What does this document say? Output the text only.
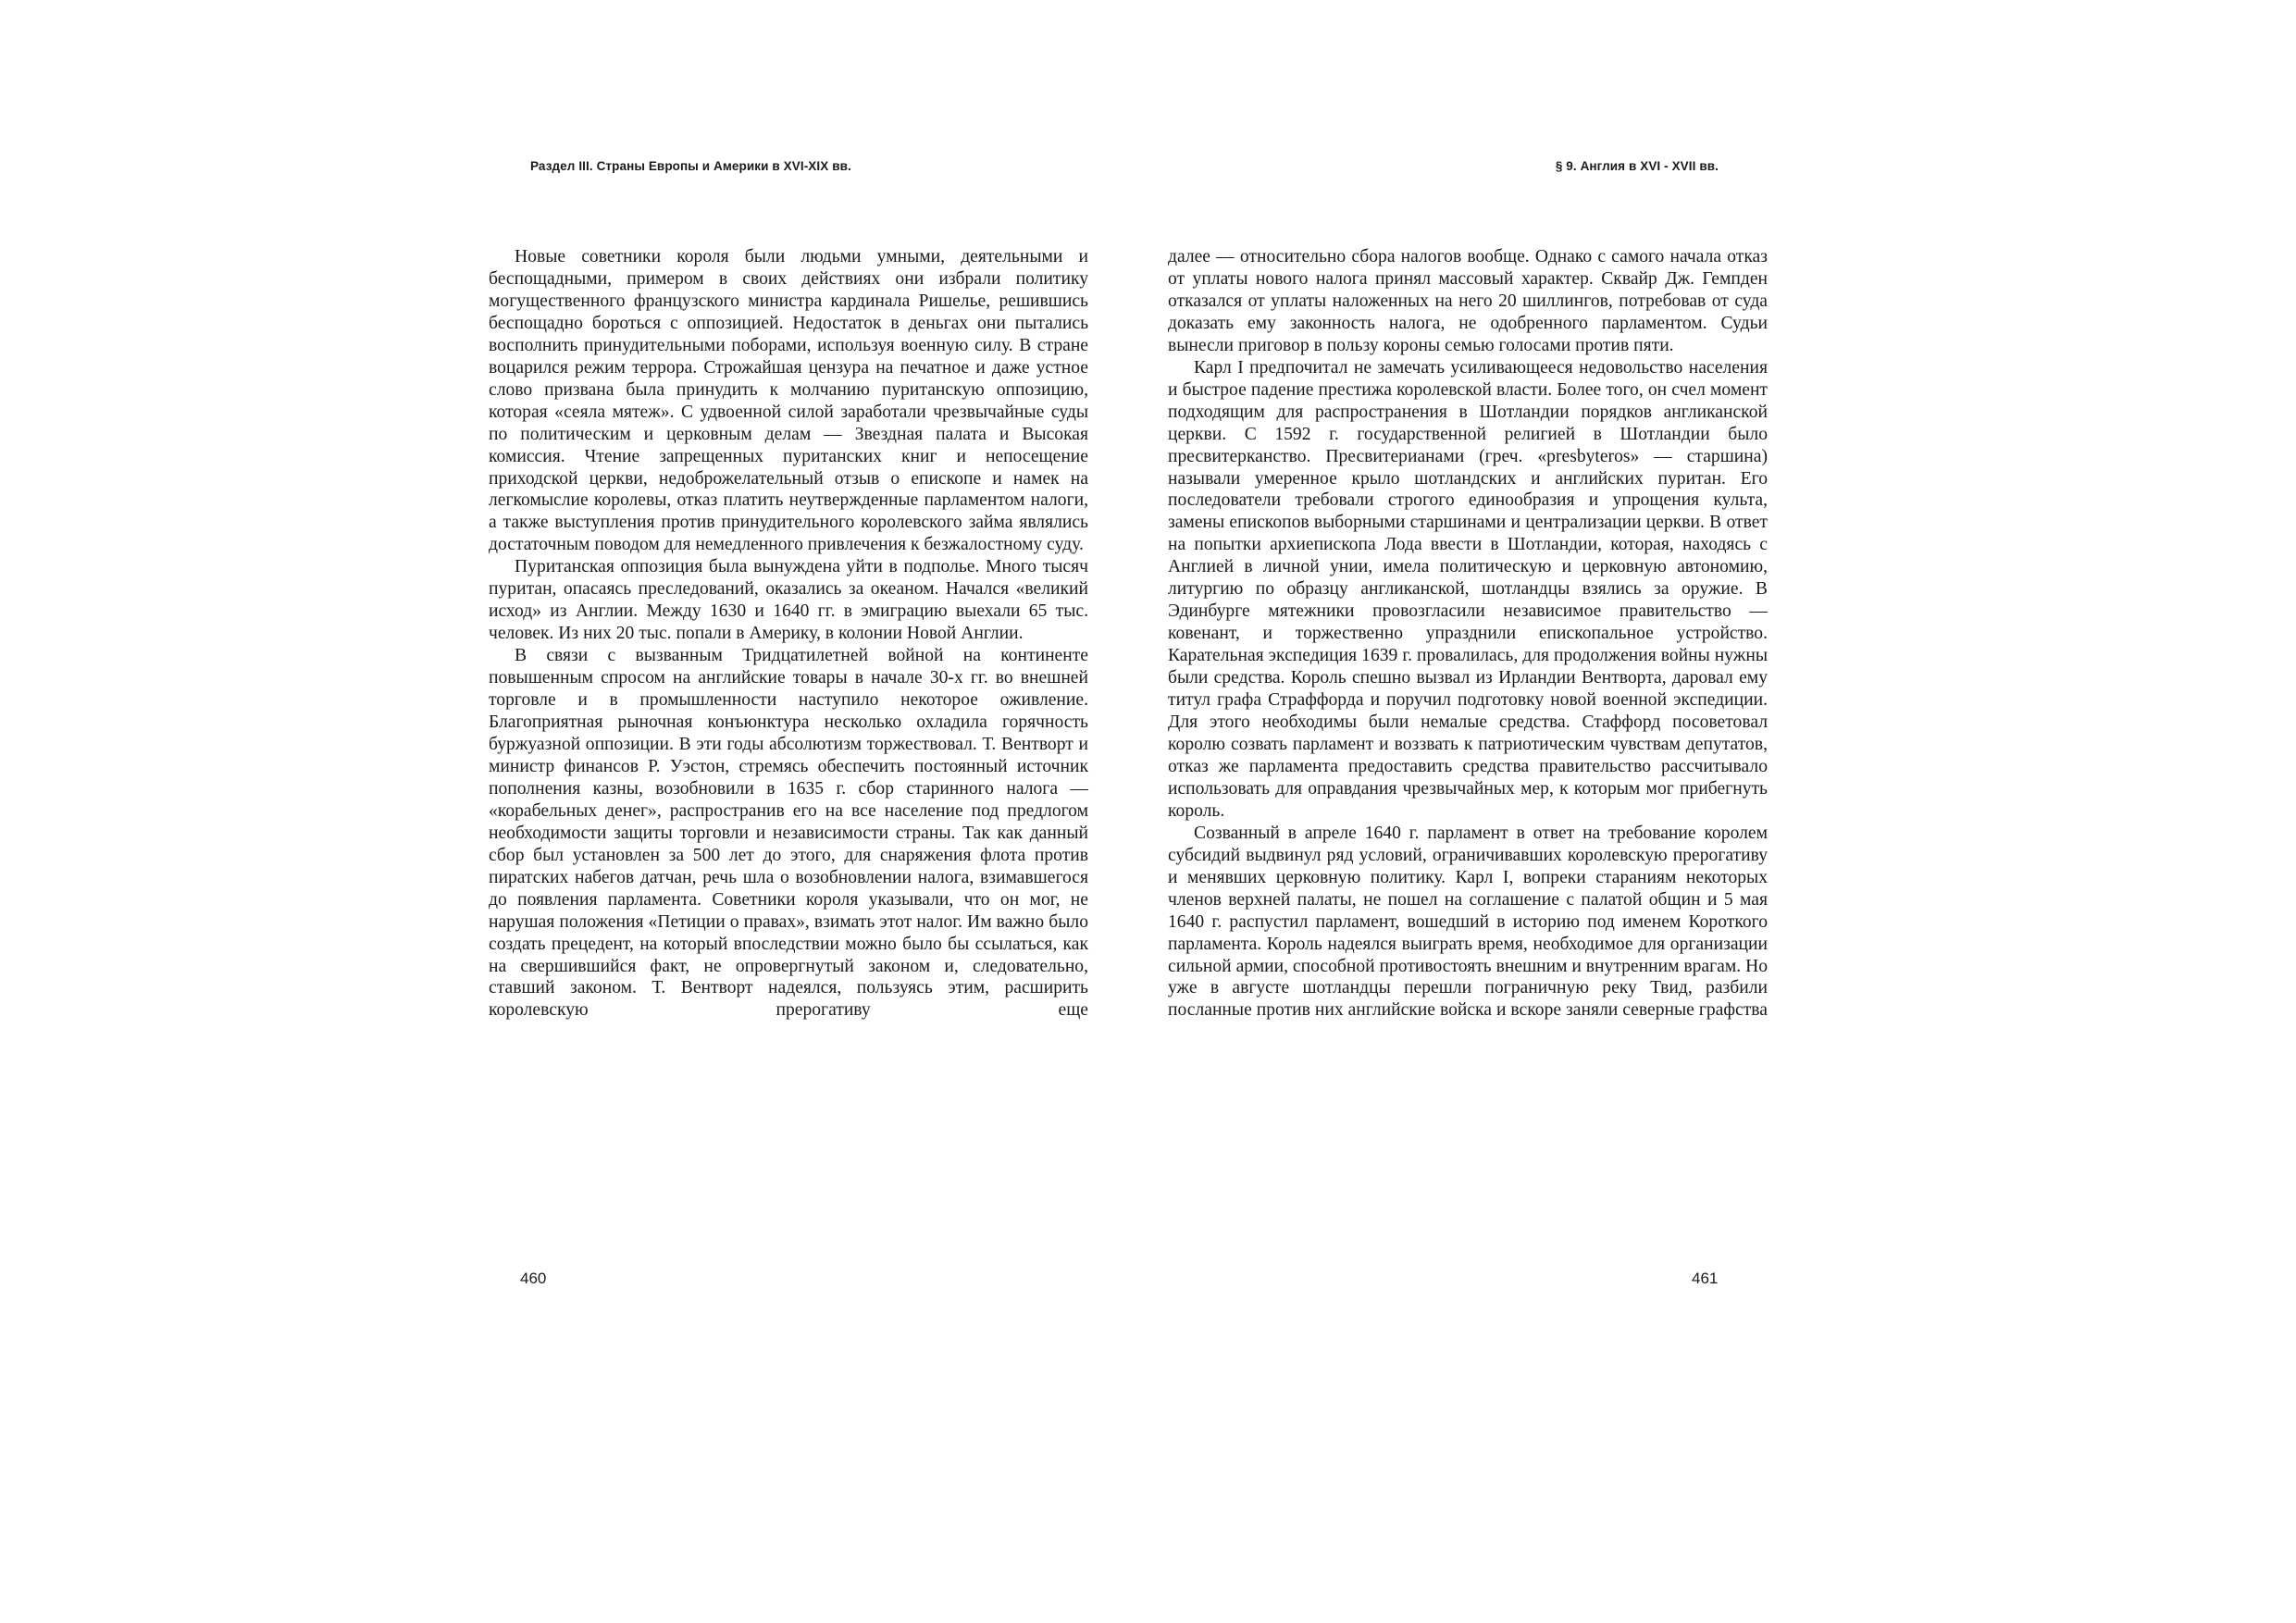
Раздел III. Страны Европы и Америки в XVI-XIX вв.

Новые советники короля были людьми умными, деятельными и беспощадными, примером в своих действиях они избрали политику могущественного французского министра кардинала Ришелье, решившись беспощадно бороться с оппозицией. Недостаток в деньгах они пытались восполнить принудительными поборами, используя военную силу. В стране воцарился режим террора. Строжайшая цензура на печатное и даже устное слово призвана была принудить к молчанию пуританскую оппозицию, которая «сеяла мятеж». С удвоенной силой заработали чрезвычайные суды по политическим и церковным делам — Звездная палата и Высокая комиссия. Чтение запрещенных пуританских книг и непосещение приходской церкви, недоброжелательный отзыв о епископе и намек на легкомыслие королевы, отказ платить неутвержденные парламентом налоги, а также выступления против принудительного королевского займа являлись достаточным поводом для немедленного привлечения к безжалостному суду.

Пуританская оппозиция была вынуждена уйти в подполье. Много тысяч пуритан, опасаясь преследований, оказались за океаном. Начался «великий исход» из Англии. Между 1630 и 1640 гг. в эмиграцию выехали 65 тыс. человек. Из них 20 тыс. попали в Америку, в колонии Новой Англии.

В связи с вызванным Тридцатилетней войной на континенте повышенным спросом на английские товары в начале 30-х гг. во внешней торговле и в промышленности наступило некоторое оживление. Благоприятная рыночная конъюнктура несколько охладила горячность буржуазной оппозиции. В эти годы абсолютизм торжествовал. Т. Вентворт и министр финансов Р. Уэстон, стремясь обеспечить постоянный источник пополнения казны, возобновили в 1635 г. сбор старинного налога — «корабельных денег», распространив его на все население под предлогом необходимости защиты торговли и независимости страны. Так как данный сбор был установлен за 500 лет до этого, для снаряжения флота против пиратских набегов датчан, речь шла о возобновлении налога, взимавшегося до появления парламента. Советники короля указывали, что он мог, не нарушая положения «Петиции о правах», взимать этот налог. Им важно было создать прецедент, на который впоследствии можно было бы ссылаться, как на свершившийся факт, не опровергнутый законом и, следовательно, ставший законом. Т. Вентворт надеялся, пользуясь этим, расширить королевскую прерогативу еще

460
§ 9. Англия в XVI - XVII вв.

далее — относительно сбора налогов вообще. Однако с самого начала отказ от уплаты нового налога принял массовый характер. Сквайр Дж. Гемпден отказался от уплаты наложенных на него 20 шиллингов, потребовав от суда доказать ему законность налога, не одобренного парламентом. Судьи вынесли приговор в пользу короны семью голосами против пяти.

Карл I предпочитал не замечать усиливающееся недовольство населения и быстрое падение престижа королевской власти. Более того, он счел момент подходящим для распространения в Шотландии порядков англиканской церкви. С 1592 г. государственной религией в Шотландии было пресвитерканство. Пресвитерианами (греч. «presbyteros» — старшина) называли умеренное крыло шотландских и английских пуритан. Его последователи требовали строгого единообразия и упрощения культа, замены епископов выборными старшинами и централизации церкви. В ответ на попытки архиепископа Лода ввести в Шотландии, которая, находясь с Англией в личной унии, имела политическую и церковную автономию, литургию по образцу англиканской, шотландцы взялись за оружие. В Эдинбурге мятежники провозгласили независимое правительство — ковенант, и торжественно упразднили епископальное устройство. Карательная экспедиция 1639 г. провалилась, для продолжения войны нужны были средства. Король спешно вызвал из Ирландии Вентворта, даровал ему титул графа Страффорда и поручил подготовку новой военной экспедиции. Для этого необходимы были немалые средства. Стаффорд посоветовал королю созвать парламент и воззвать к патриотическим чувствам депутатов, отказ же парламента предоставить средства правительство рассчитывало использовать для оправдания чрезвычайных мер, к которым мог прибегнуть король.

Созванный в апреле 1640 г. парламент в ответ на требование королем субсидий выдвинул ряд условий, ограничивавших королевскую прерогативу и менявших церковную политику. Карл I, вопреки стараниям некоторых членов верхней палаты, не пошел на соглашение с палатой общин и 5 мая 1640 г. распустил парламент, вошедший в историю под именем Короткого парламента. Король надеялся выиграть время, необходимое для организации сильной армии, способной противостоять внешним и внутренним врагам. Но уже в августе шотландцы перешли пограничную реку Твид, разбили посланные против них английские войска и вскоре заняли северные графства

461
